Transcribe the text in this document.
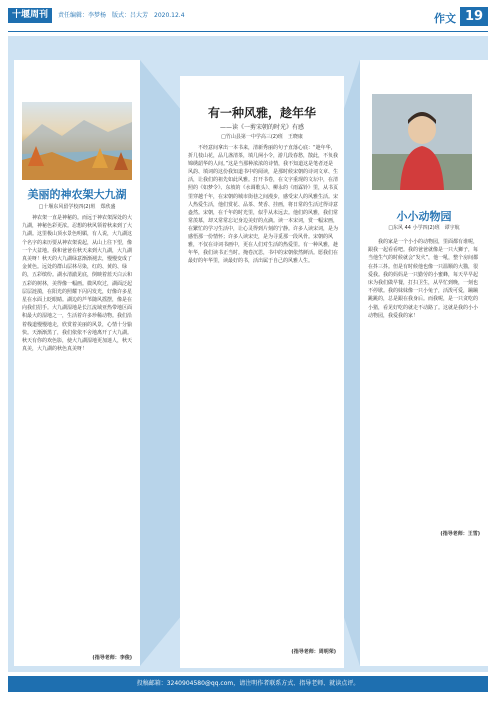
十堰周刊	责任编辑：李梦杨　版式：吕大芳　2020.12.4	作文 19
美丽的神农架大九湖
□十堰东风留学校四(2)班　郑欣盛
神农架一直是神秘的。而远于神农架深处的大九湖，神秘色彩更浓。忍想的秋风领着秋来到了大九湖。这里极山顶水景色明媚，有人说，大九湖这个名字的来历要从神农架说起，从山上往下望，像一个大盆地。我和爸爸在秋天来到大九湖，大九湖真美呀！秋天的大九湖绿意渐渐褪去，慢慢变成了金黄色。远处的群山层林尽染，红的、黄的、绿的，五彩缤纷。湖水清澈见底，倒映着蓝天白云和五彩的树林，美得像一幅画。微风吹过，湖面泛起层层涟漪，在阳光的照耀下闪闪发光，好像许多星星在水面上眨眼睛。湖边的芦苇随风摇摆，像是在向我们招手。大九湖湿地是长江流域亚热带地区面积最大的湿地之一，生活着许多珍稀动物。我们沿着栈道慢慢地走，欣赏着美丽的风景，心情十分愉快。天渐渐黑了，我们依依不舍地离开了大九湖。秋天有你的欢色影，使大九湖湿地更加迷人，秋天真美，大九湖的秋色真美呀！
(指导老师：李俊)
有一种风雅，趁年华
——读《一剪宋朝的时光》有感
□竹山县第一中学高三(2)班　王晓康
不经意间拿出一本书来，清新秀丽的句子直落心底：“趁年华，折几枝山花，品几盏清茶，填几阕小令，游几段春愁，散此，不负我锦绣韶华的人间。”这是当那种浓浓的诗情，我不知道这是笔者还是风韵、填词的这份我知道书中的阅读，是那时候宋朝的诗词文章、生活，让我们的祖先如此风雅。打开书卷，在文字重现的文坛中，在清照的《如梦令》、东坡的《水调歌头》、柳永的《雨霖铃》里，从书页里穿越千年，在宋朝的城市街巷之间漫步，感受宋人的风雅生活。宋人热爱生活，他们赏花、品茶、焚香、挂画，将日常的生活过得诗意盎然。宋朝，在千年的时光里，似乎从未远去。他们的风雅，我们常常羡慕，却又常常忘记身边美好的点滴。读一本宋词，赏一幅宋画，在繁忙的学习生活中，让心灵得到片刻的宁静。许多人读宋词，是为感悟那一份情怀；许多人读宋史，是为寻觅那一段风骨。宋朝的风雅，不仅在诗词书画中，更在人们对生活的热爱里。有一种风雅，趁年华，我们读书正当时。掩卷沉思，书中的宋朝依然鲜活。愿我们在最好的年华里，读最好的书，活出属于自己的风雅人生。
(指导老师：周明荣)
小小动物园
□东风 44 小学四(2)班　谭宇航
我的家是一个小小的动物园，里面都有谁呢，跟我一起看看吧。我的爸爸就像是一只大狮子，每当他生气的时候就会“发火”，他一吼，整个房间都在抖三抖。但是有时候他也像一只温顺的大猫，很爱我。我的妈妈是一只勤劳的小蜜蜂，每天早早起床为我们做早餐，打扫卫生，从早忙到晚，一刻也不停歇。我的妹妹像一只小兔子，活泼可爱，蹦蹦跳跳的，总是跟在我身后。而我呢，是一只贪吃的小猪，看见好吃的就走不动路了。这就是我的小小动物园，我爱我的家！
(指导老师：王雪)
投稿邮箱：3240904580@qq.com，请注明作者联系方式、指导老师、就读点评。
